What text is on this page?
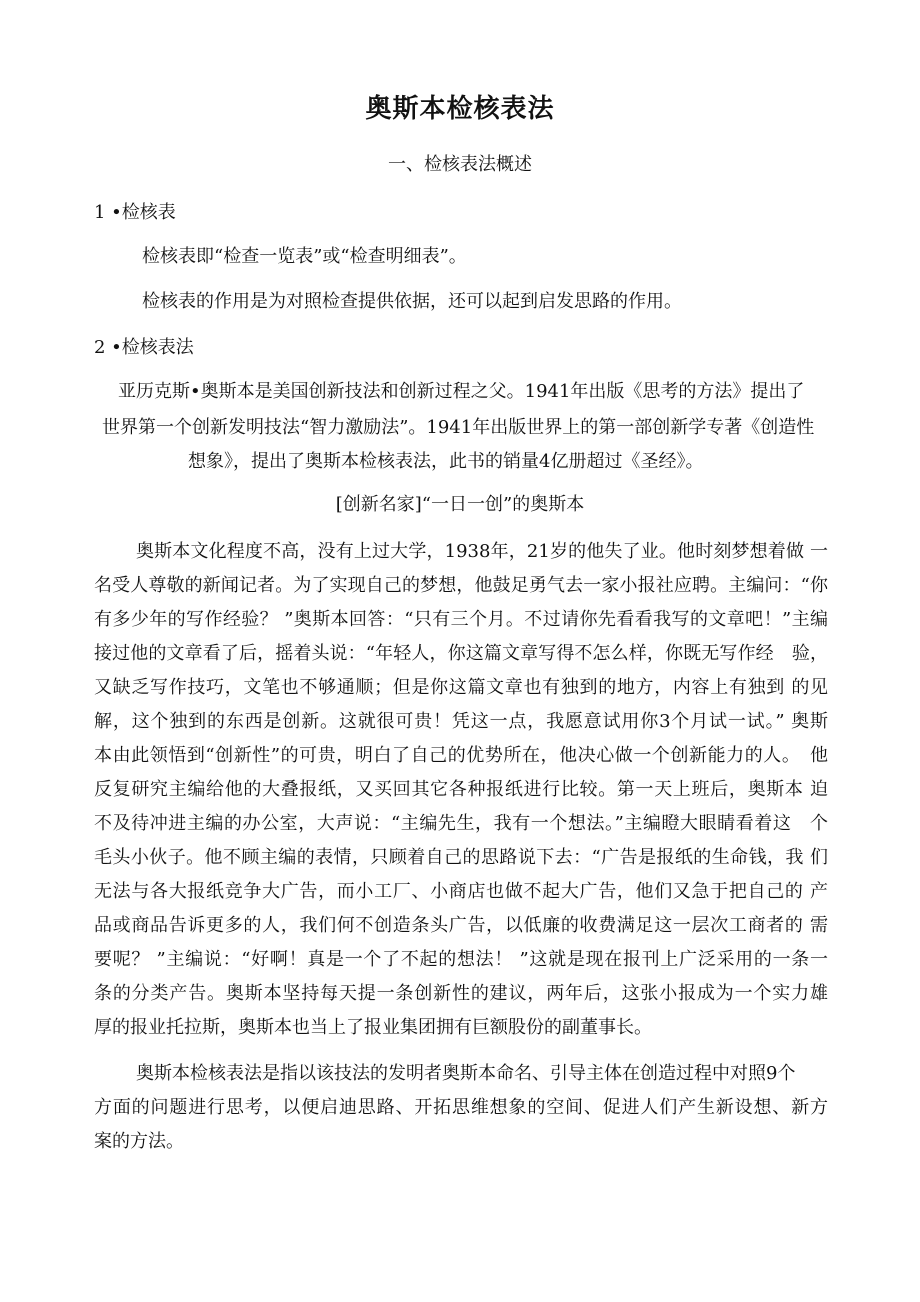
奥斯本检核表法
一、检核表法概述
1 •检核表
检核表即“检查一览表”或“检查明细表”。
检核表的作用是为对照检查提供依据，还可以起到启发思路的作用。
2 •检核表法
亚历克斯•奥斯本是美国创新技法和创新过程之父。1941年出版《思考的方法》提出了
世界第一个创新发明技法“智力激励法”。1941年出版世界上的第一部创新学专著《创造性
想象》，提出了奥斯本检核表法，此书的销量4亿册超过《圣经》。
[创新名家]“一日一创”的奥斯本
奥斯本文化程度不高，没有上过大学，1938年，21岁的他失了业。他时刻梦想着做 一
名受人尊敬的新闻记者。为了实现自己的梦想，他鼓足勇气去一家小报社应聘。主编问：“你
有多少年的写作经验？ ”奥斯本回答：“只有三个月。不过请你先看看我写的文章吧！”主编
接过他的文章看了后，摇着头说：“年轻人，你这篇文章写得不怎么样，你既无写作经　验，
又缺乏写作技巧，文笔也不够通顺；但是你这篇文章也有独到的地方，内容上有独到 的见
解，这个独到的东西是创新。这就很可贵！凭这一点，我愿意试用你3个月试一试。” 奥斯
本由此领悟到“创新性”的可贵，明白了自己的优势所在，他决心做一个创新能力的人。　他
反复研究主编给他的大叠报纸，又买回其它各种报纸进行比较。第一天上班后，奥斯本 迫
不及待冲进主编的办公室，大声说：“主编先生，我有一个想法。”主编瞪大眼睛看着这　个
毛头小伙子。他不顾主编的表情，只顾着自己的思路说下去：“广告是报纸的生命钱，我 们
无法与各大报纸竞争大广告，而小工厂、小商店也做不起大广告，他们又急于把自己的 产
品或商品告诉更多的人，我们何不创造条头广告，以低廉的收费满足这一层次工商者的 需
要呢？ ”主编说：“好啊！真是一个了不起的想法！ ”这就是现在报刊上广泛采用的一条一
条的分类产告。奥斯本坚持每天提一条创新性的建议，两年后，这张小报成为一个实力雄
厚的报业托拉斯，奥斯本也当上了报业集团拥有巨额股份的副董事长。
奥斯本检核表法是指以该技法的发明者奥斯本命名、引导主体在创造过程中对照9个
方面的问题进行思考，以便启迪思路、开拓思维想象的空间、促进人们产生新设想、新方
案的方法。
